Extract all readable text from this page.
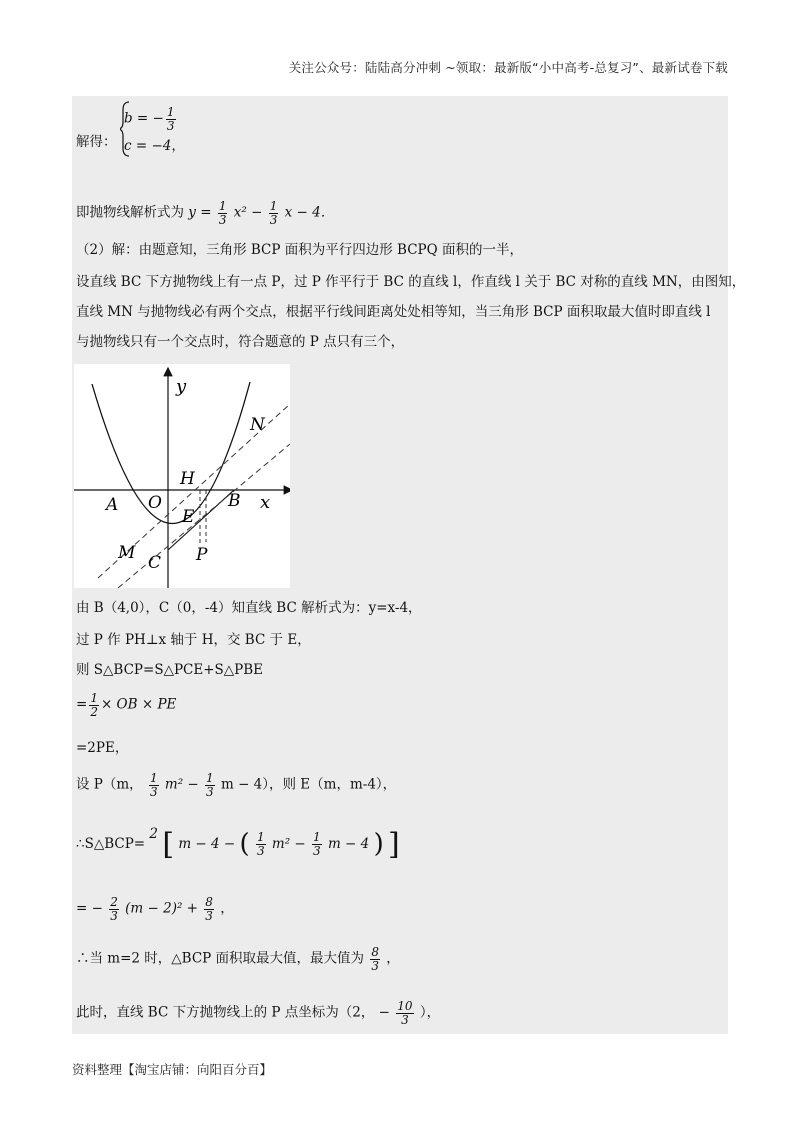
关注公众号：陆陆高分冲刺 ~领取：最新版“小中高考-总复习”、最新试卷下载
解得：
b = − $\frac{1}{3}$
c = −4，
即抛物线解析式为 $y = \frac{1}{3} x^2 - \frac{1}{3}$ x − 4．
（2）解：由题意知，三角形 BCP 面积为平行四边形 BCPQ 面积的一半，
设直线 BC 下方抛物线上有一点 P，过 P 作平行于 BC 的直线 l，作直线 l 关于 BC 对称的直线 MN，由图知，
直线 MN 与抛物线必有两个交点，根据平行线间距离处处相等知，当三角形 BCP 面积取最大值时即直线 l
与抛物线只有一个交点时，符合题意的 P 点只有三个，
y
x
A O
H
B
E
N
M C P
由 B（4,0），C（0，-4）知直线 BC 解析式为：y=x-4，
过 P 作 PH⊥x 轴于 H，交 BC 于 E，
则 S△BCP=S△PCE+S△PBE
= $\frac{1}{2}$ × OB × PE
=2PE，
设 P（m， $\frac{1}{3} m^2 - \frac{1}{3}$ m − 4），则 E（m，m-4），
∴S△BCP= 2 [ m − 4 − ( $\frac{1}{3} m^2 - \frac{1}{3}$ m − 4 ) ]
= − $\frac{2}{3} (m - 2)^2 + \frac{8}{3}$ ，
∴当 m=2 时，△BCP 面积取最大值，最大值为 $\frac{8}{3}$ ，
此时，直线 BC 下方抛物线上的 P 点坐标为（2， − $\frac{10}{3}$ ），
资料整理【淘宝店铺：向阳百分百】
